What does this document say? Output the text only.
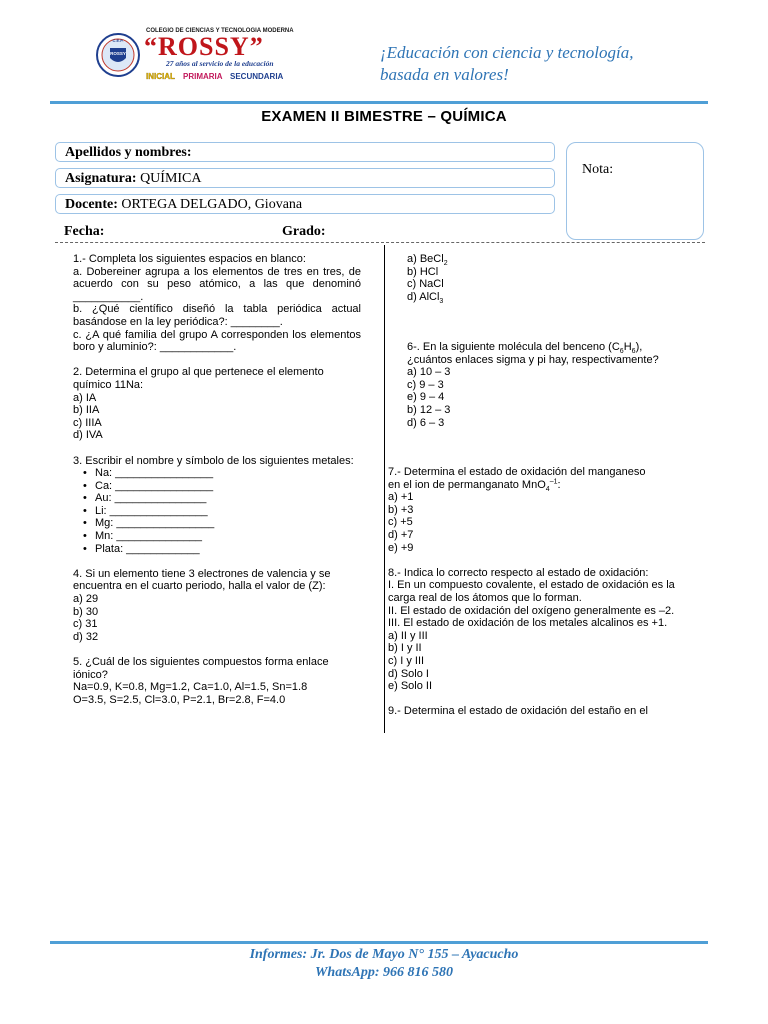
C.E.P.
ROSSY
COLEGIO DE CIENCIAS Y TECNOLOGIA MODERNA
“ROSSY”
27 años al servicio de la educación
INICIAL PRIMARIA SECUNDARIA
¡Educación con ciencia y tecnología,
basada en valores!
EXAMEN II BIMESTRE – QUÍMICA
Apellidos y nombres:
Asignatura: QUÍMICA
Docente: ORTEGA DELGADO, Giovana
Fecha:	Grado:
Nota:

1.- Completa los siguientes espacios en blanco:

a. Dobereiner agrupa a los elementos de tres en tres, de acuerdo con su peso atómico, a las que denominó ___________.

b. ¿Qué científico diseñó la tabla periódica actual basándose en la ley periódica?: ________.

c. ¿A qué familia del grupo A corresponden los elementos boro y aluminio?: ____________.

2. Determina el grupo al que pertenece el elemento químico 11Na:

a) IA

b) IIA

c) IIIA

d) IVA

3. Escribir el nombre y símbolo de los siguientes metales:

• Na: ________________

• Ca: ________________

• Au: _______________

• Li: ________________

• Mg: ________________

• Mn: ______________

• Plata: ____________

4. Si un elemento tiene 3 electrones de valencia y se encuentra en el cuarto periodo, halla el valor de (Z):

a) 29

b) 30

c) 31

d) 32

5. ¿Cuál de los siguientes compuestos forma enlace iónico?

Na=0.9, K=0.8, Mg=1.2, Ca=1.0, Al=1.5, Sn=1.8

O=3.5, S=2.5, Cl=3.0, P=2.1, Br=2.8, F=4.0

a) BeCl$_2$

b) HCl

c) NaCl

d) AlCl$_3$

6-. En la siguiente molécula del benceno $(C_6H_6)$,

¿cuántos enlaces sigma y pi hay, respectivamente?

a) 10 – 3

c) 9 – 3

e) 9 – 4

b) 12 – 3

d) 6 – 3

7.- Determina el estado de oxidación del manganeso

en el ion de permanganato MnO$_4^{-1}$:

a) +1

b) +3

c) +5

d) +7

e) +9

8.- Indica lo correcto respecto al estado de oxidación:

I. En un compuesto covalente, el estado de oxidación es la carga real de los átomos que lo forman.

II. El estado de oxidación del oxígeno generalmente es –2.

III. El estado de oxidación de los metales alcalinos es +1.

a) II y III

b) I y II

c) I y III

d) Solo I

e) Solo II

9.- Determina el estado de oxidación del estaño en el

Informes: Jr. Dos de Mayo N° 155 – Ayacucho
WhatsApp: 966 816 580
